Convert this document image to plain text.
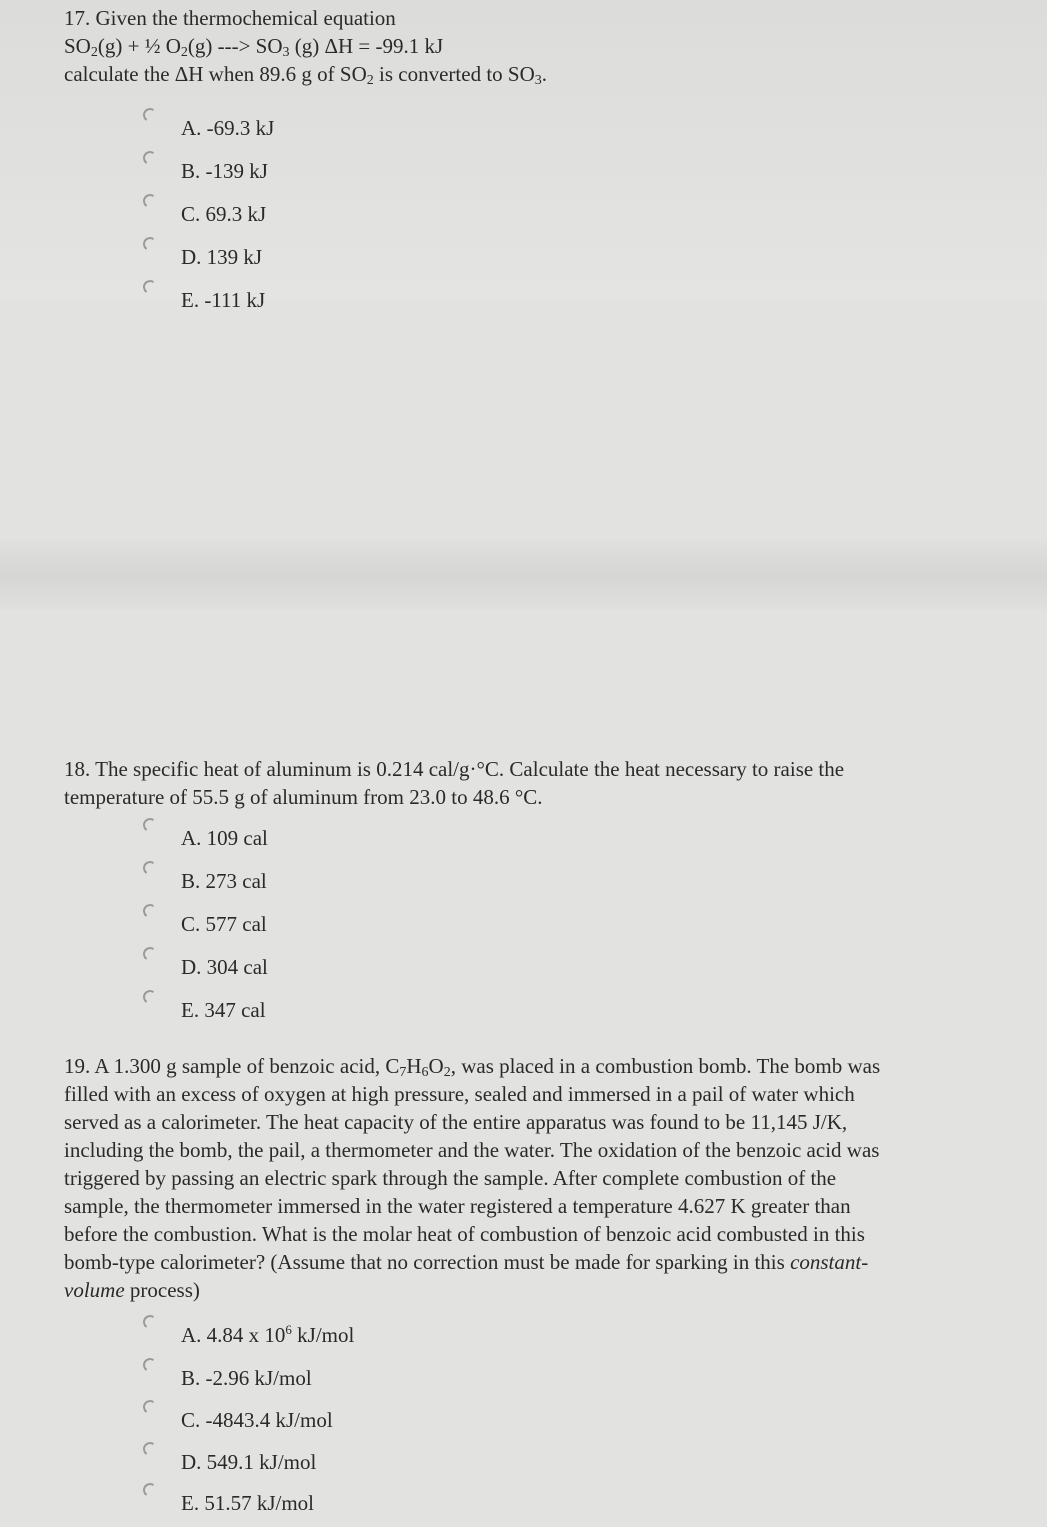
17. Given the thermochemical equation

$SO_2(g)$ + ½ $O_2(g)$ ---> $SO_3$ (g) ΔH = -99.1 kJ

calculate the ΔH when 89.6 g of $SO_2$ is converted to $SO_3$.

A. -69.3 kJ
B. -139 kJ
C. 69.3 kJ
D. 139 kJ
E. -111 kJ

18. The specific heat of aluminum is 0.214 cal/g·°C. Calculate the heat necessary to raise the

temperature of 55.5 g of aluminum from 23.0 to 48.6 °C.

A. 109 cal
B. 273 cal
C. 577 cal
D. 304 cal
E. 347 cal

19. A 1.300 g sample of benzoic acid, $C_7H_6O_2$, was placed in a combustion bomb. The bomb was

filled with an excess of oxygen at high pressure, sealed and immersed in a pail of water which

served as a calorimeter. The heat capacity of the entire apparatus was found to be 11,145 J/K,

including the bomb, the pail, a thermometer and the water. The oxidation of the benzoic acid was

triggered by passing an electric spark through the sample. After complete combustion of the

sample, the thermometer immersed in the water registered a temperature 4.627 K greater than

before the combustion. What is the molar heat of combustion of benzoic acid combusted in this

bomb-type calorimeter? (Assume that no correction must be made for sparking in this constant-

volume process)

A. 4.84 x $10^6$ kJ/mol
B. -2.96 kJ/mol
C. -4843.4 kJ/mol
D. 549.1 kJ/mol
E. 51.57 kJ/mol
